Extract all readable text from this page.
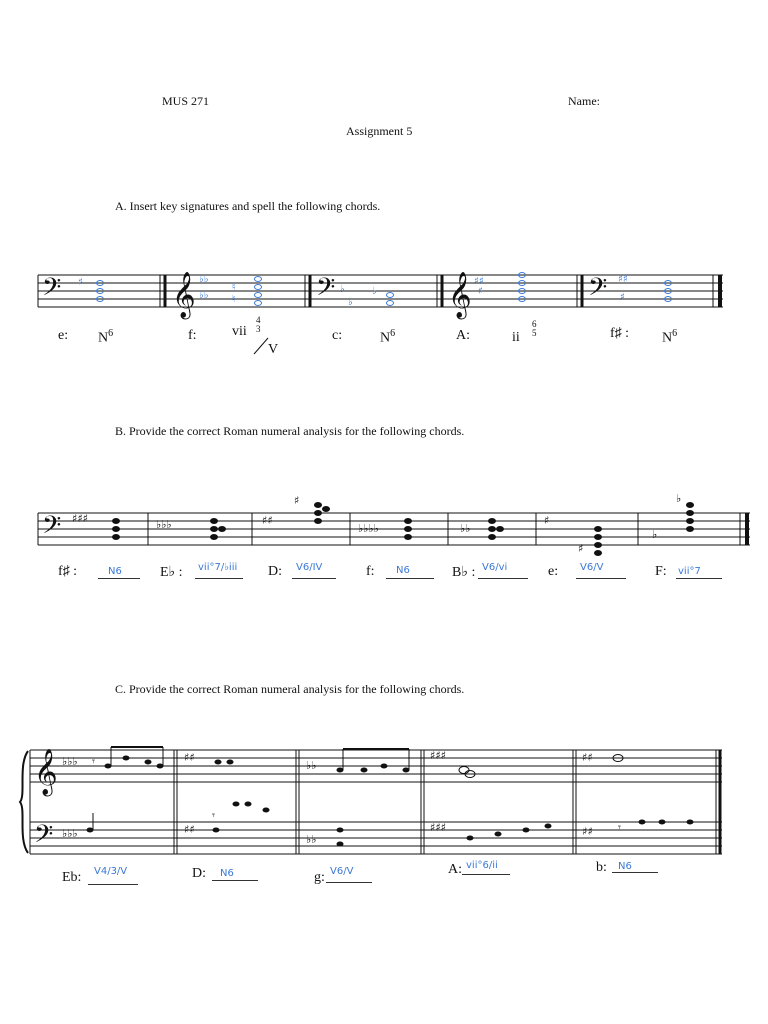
MUS 271	Name:
Assignment 5
A. Insert key signatures and spell the following chords.
𝄢	𝄞	𝄢	𝄞	𝄢
♯	♭♭
♭♭
♮
♮
♭
♭
♭
♯♯
♯
♯♯
♯
e: $N^6$	f:	vii
4
3
V
c:	$N^6$	A:	ii
6
5	f♯ : $N^6$
B. Provide the correct Roman numeral analysis for the following chords.
𝄢 ♯♯♯	♭♭♭	♯♯
♯
♭♭♭♭	♭♭
♯
♯
♭
♭
f♯ :	N6	E♭ : vii°7/♭iii D: V6/IV	f: N6	B♭ : V6/vi	e: V6/V	F: vii°7
C. Provide the correct Roman numeral analysis for the following chords.
𝄞
𝄢
♭♭♭
♭♭♭
𝄾	♯♯
♯♯
𝄾
♭♭
♭♭
♯♯♯
♯♯♯
♯♯
♯♯ 𝄾
Eb: V4/3/V	D: N6	g: V6/V	A: vii°6/ii	b: N6
